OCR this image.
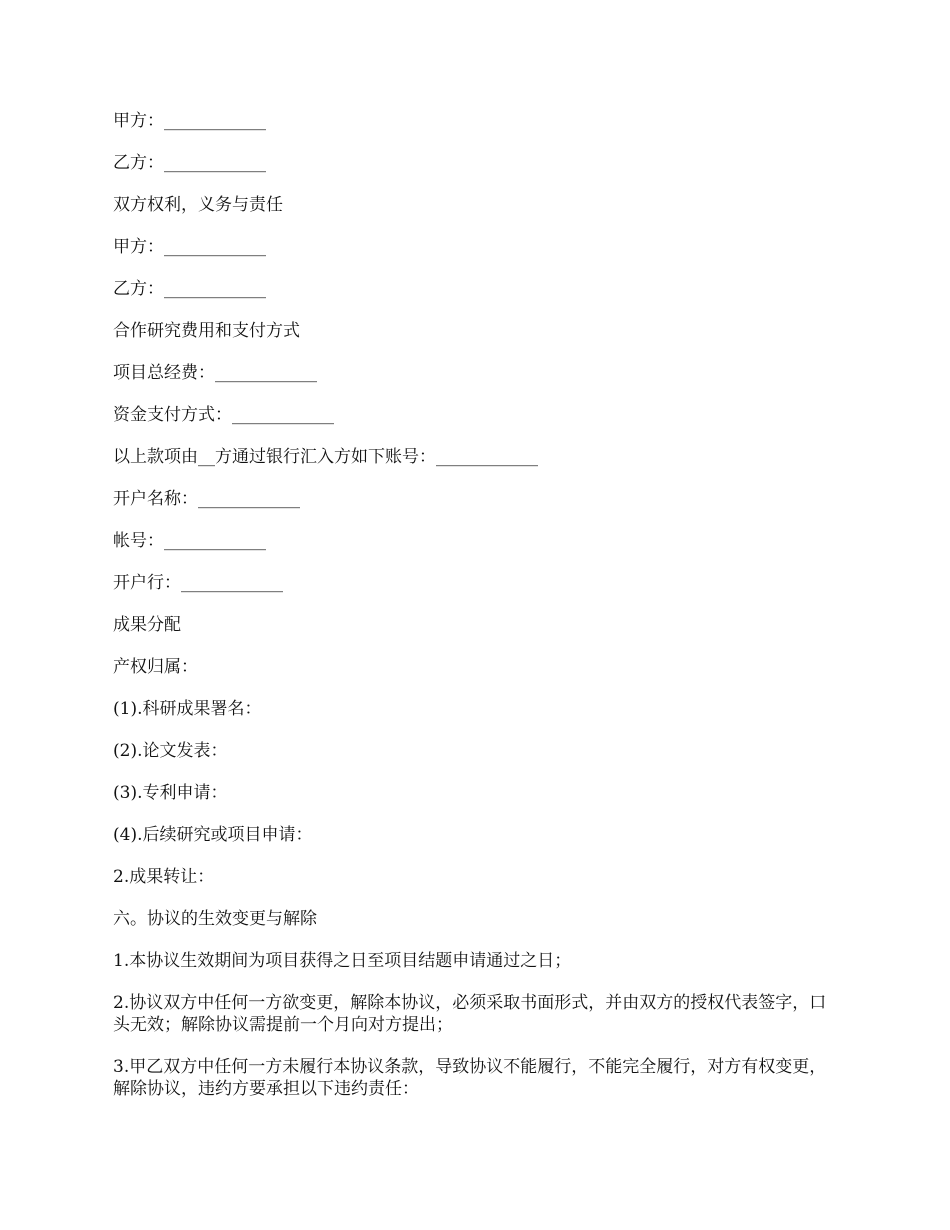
甲方：____________
乙方：____________
双方权利，义务与责任
甲方：____________
乙方：____________
合作研究费用和支付方式
项目总经费：____________
资金支付方式：____________
以上款项由__方通过银行汇入方如下账号：____________
开户名称：____________
帐号：____________
开户行：____________
成果分配
产权归属：
(1).科研成果署名：
(2).论文发表：
(3).专利申请：
(4).后续研究或项目申请：
2.成果转让：
六。协议的生效变更与解除
1.本协议生效期间为项目获得之日至项目结题申请通过之日；
2.协议双方中任何一方欲变更，解除本协议，必须采取书面形式，并由双方的授权代表签字，口头无效；解除协议需提前一个月向对方提出；
3.甲乙双方中任何一方未履行本协议条款，导致协议不能履行，不能完全履行，对方有权变更，解除协议，违约方要承担以下违约责任：
